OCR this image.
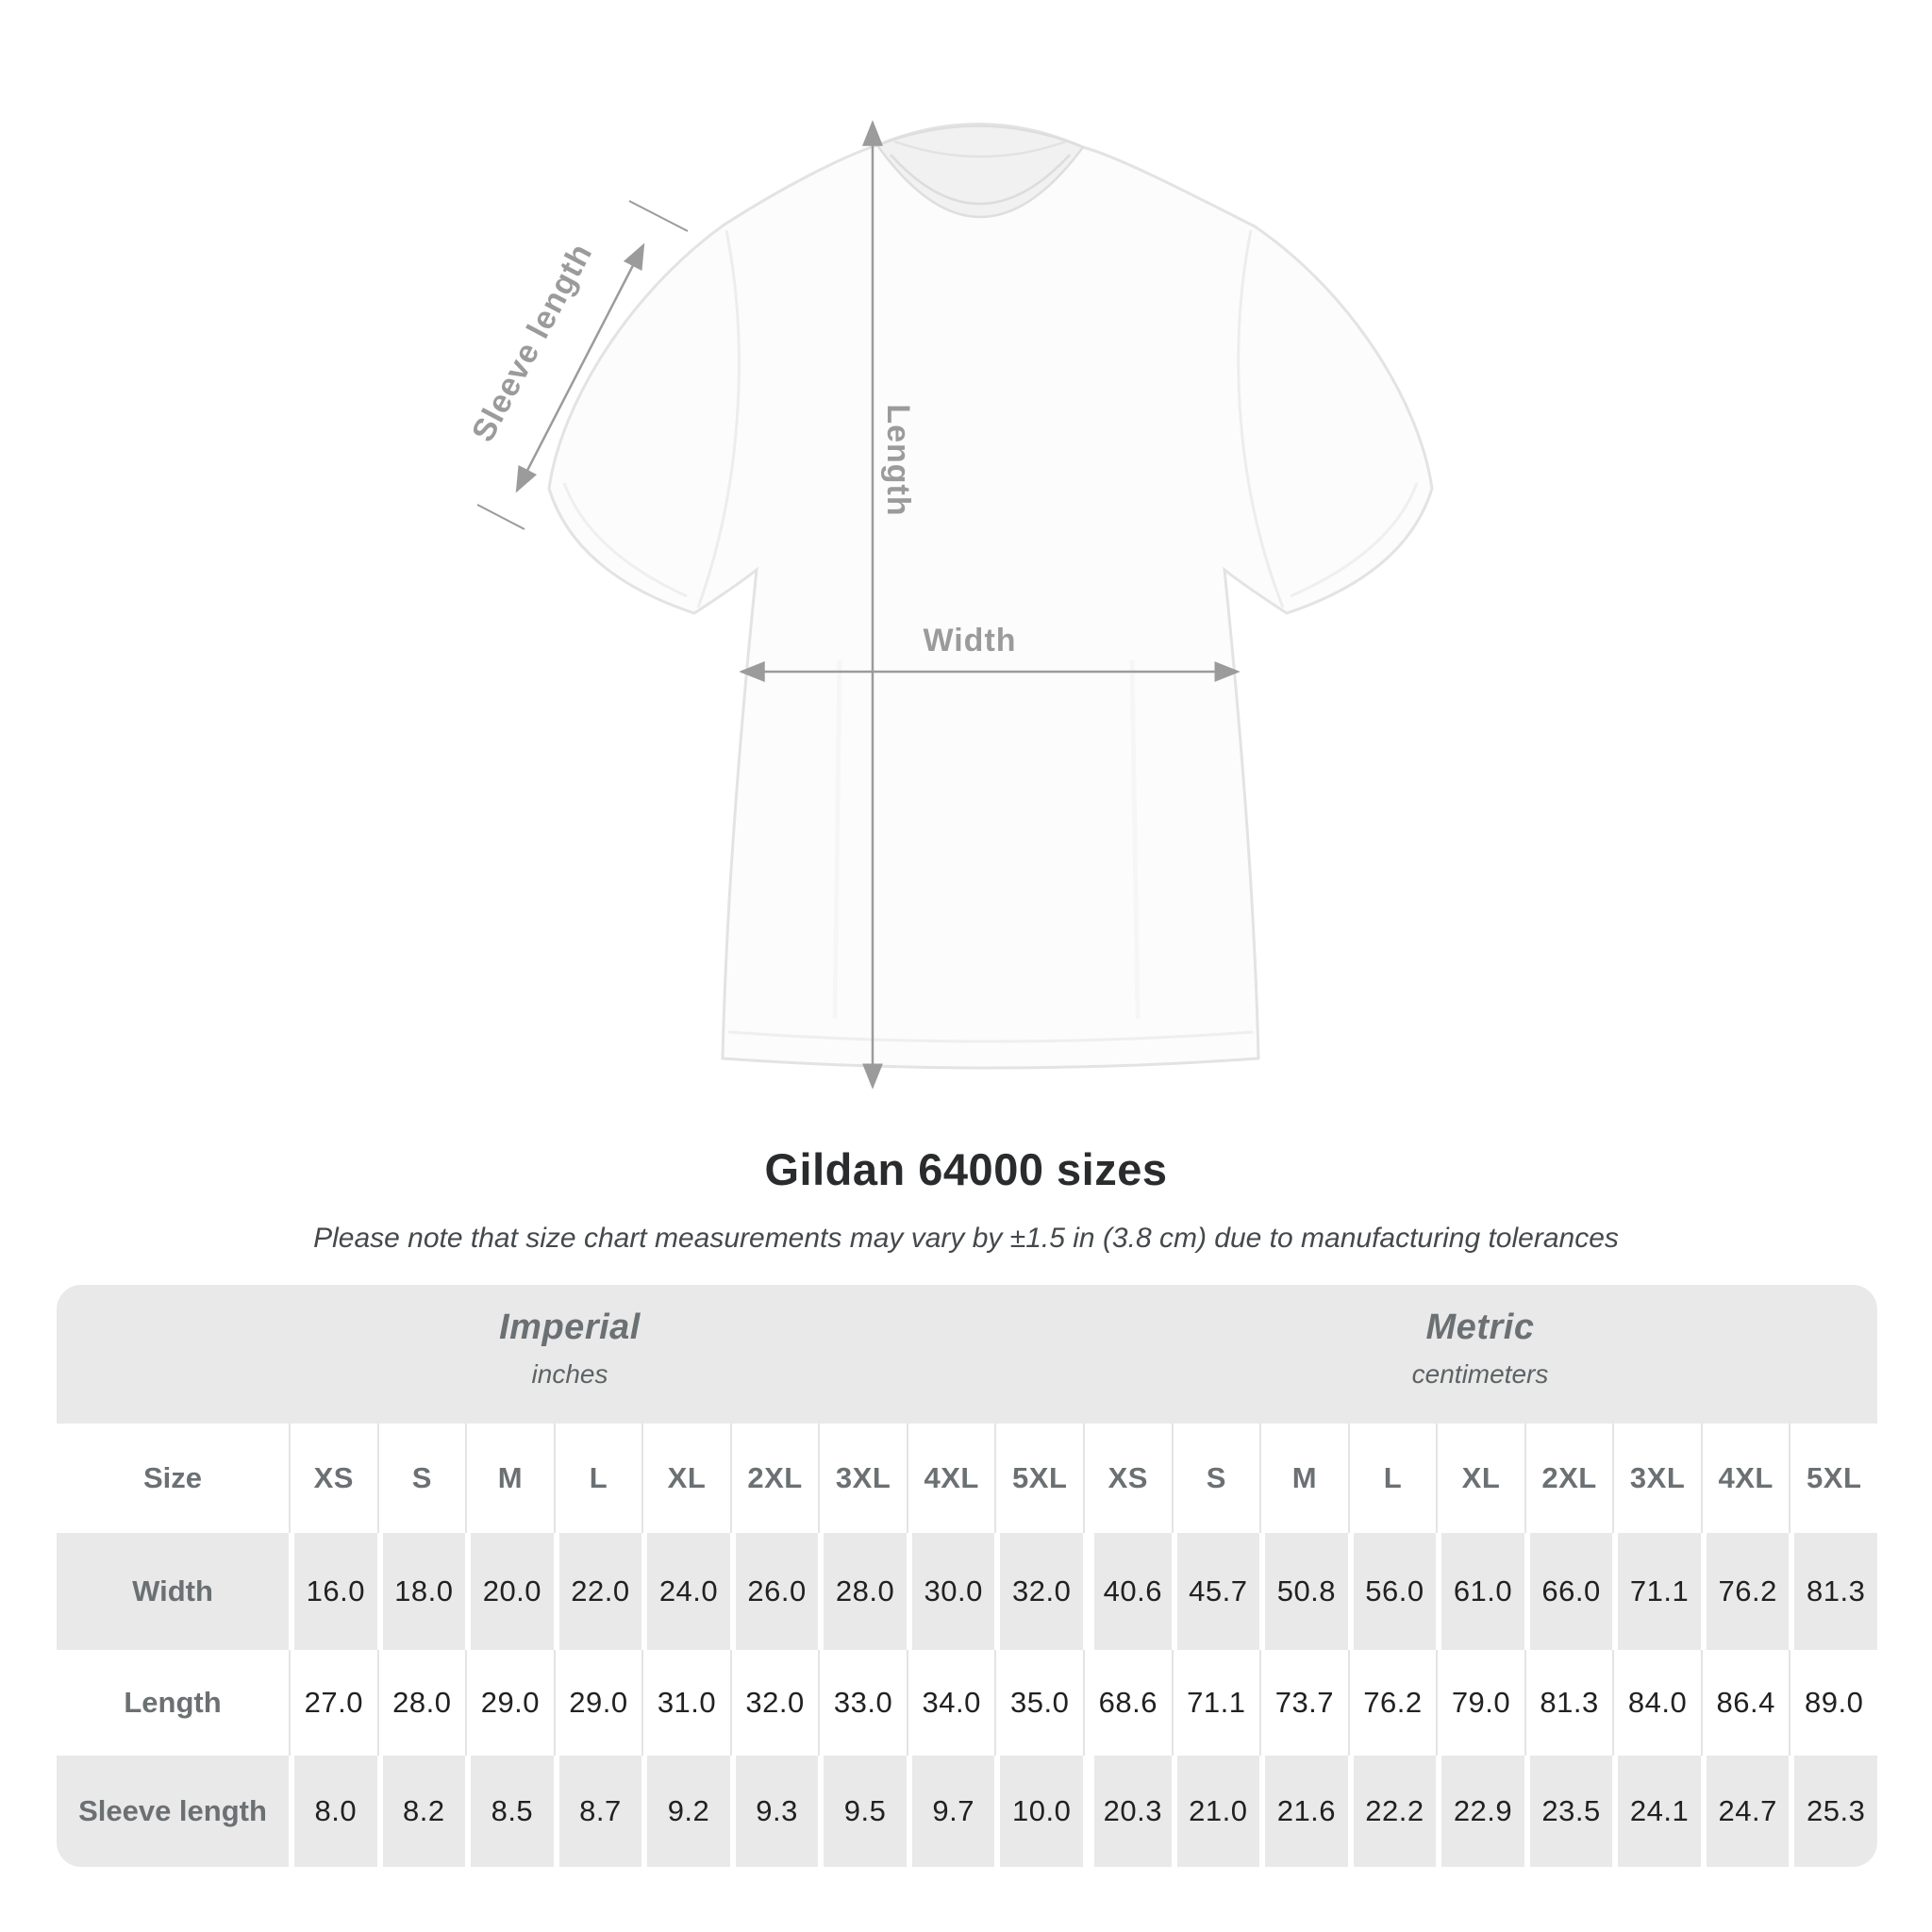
Length
Width
Sleeve length
Gildan 64000 sizes
Please note that size chart measurements may vary by ±1.5 in (3.8 cm) due to manufacturing tolerances
Imperial
inches
Metric
centimeters
Size	XS S M L XL 2XL 3XL 4XL 5XL XS S M L XL 2XL 3XL 4XL 5XL
Width	16.0 18.0 20.0 22.0 24.0 26.0 28.0 30.0 32.0 40.6 45.7 50.8 56.0 61.0 66.0 71.1 76.2 81.3
Length	27.0 28.0 29.0 29.0 31.0 32.0 33.0 34.0 35.0 68.6 71.1 73.7 76.2 79.0 81.3 84.0 86.4 89.0
Sleeve length 8.0 8.2 8.5 8.7 9.2 9.3 9.5 9.7 10.0 20.3 21.0 21.6 22.2 22.9 23.5 24.1 24.7 25.3
